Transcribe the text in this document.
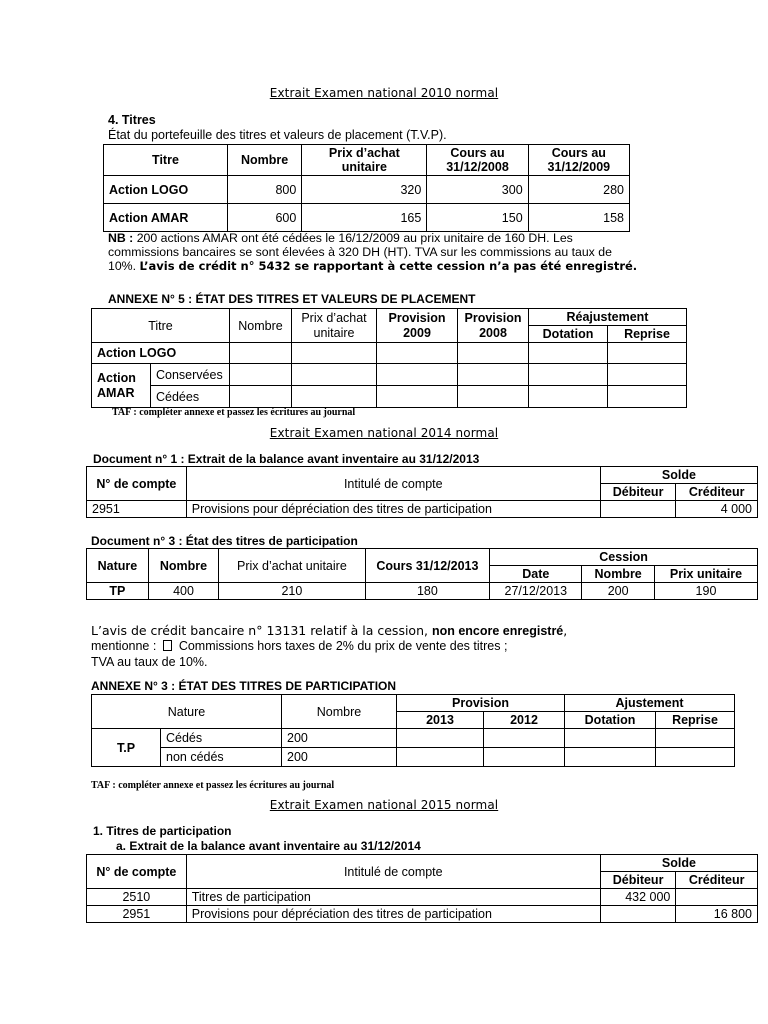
Extrait Examen national 2010 normal
4. Titres
État du portefeuille des titres et valeurs de placement (T.V.P).
Titre	Nombre	Prix d’achat unitaire	Cours au 31/12/2008	Cours au 31/12/2009
Action LOGO	800	320	300	280
Action AMAR	600	165	150	158
NB : 200 actions AMAR ont été cédées le 16/12/2009 au prix unitaire de 160 DH. Les
commissions bancaires se sont élevées à 320 DH (HT). TVA sur les commissions au taux de
10%. L’avis de crédit n° 5432 se rapportant à cette cession n’a pas été enregistré.
ANNEXE N° 5 : ÉTAT DES TITRES ET VALEURS DE PLACEMENT
Titre		Nombre	Prix d’achat unitaire	Provision 2009	Provision 2008	Réajustement	
						Dotation	Reprise
Action LOGO							
Action AMAR	Conservées						
	Cédées						
TAF : compléter annexe et passez les écritures au journal
Extrait Examen national 2014 normal
Document n° 1 : Extrait de la balance avant inventaire au 31/12/2013
N° de compte	Intitulé de compte	Solde	
		Débiteur	Créditeur
2951	Provisions pour dépréciation des titres de participation		4 000
Document n° 3 : État des titres de participation
Nature	Nombre	Prix d’achat unitaire	Cours 31/12/2013	Cession		
				Date	Nombre	Prix unitaire
TP	400	210	180	27/12/2013	200	190
L’avis de crédit bancaire n° 13131 relatif à la cession, non encore enregistré,
mentionne : Commissions hors taxes de 2% du prix de vente des titres ;
TVA au taux de 10%.
ANNEXE N° 3 : ÉTAT DES TITRES DE PARTICIPATION
Nature		Nombre	Provision		Ajustement	
			2013	2012	Dotation	Reprise
T.P	Cédés	200				
	non cédés	200				
TAF : compléter annexe et passez les écritures au journal
Extrait Examen national 2015 normal
1. Titres de participation
a. Extrait de la balance avant inventaire au 31/12/2014
N° de compte	Intitulé de compte	Solde	
		Débiteur	Créditeur
2510	Titres de participation	432 000	
2951	Provisions pour dépréciation des titres de participation		16 800
